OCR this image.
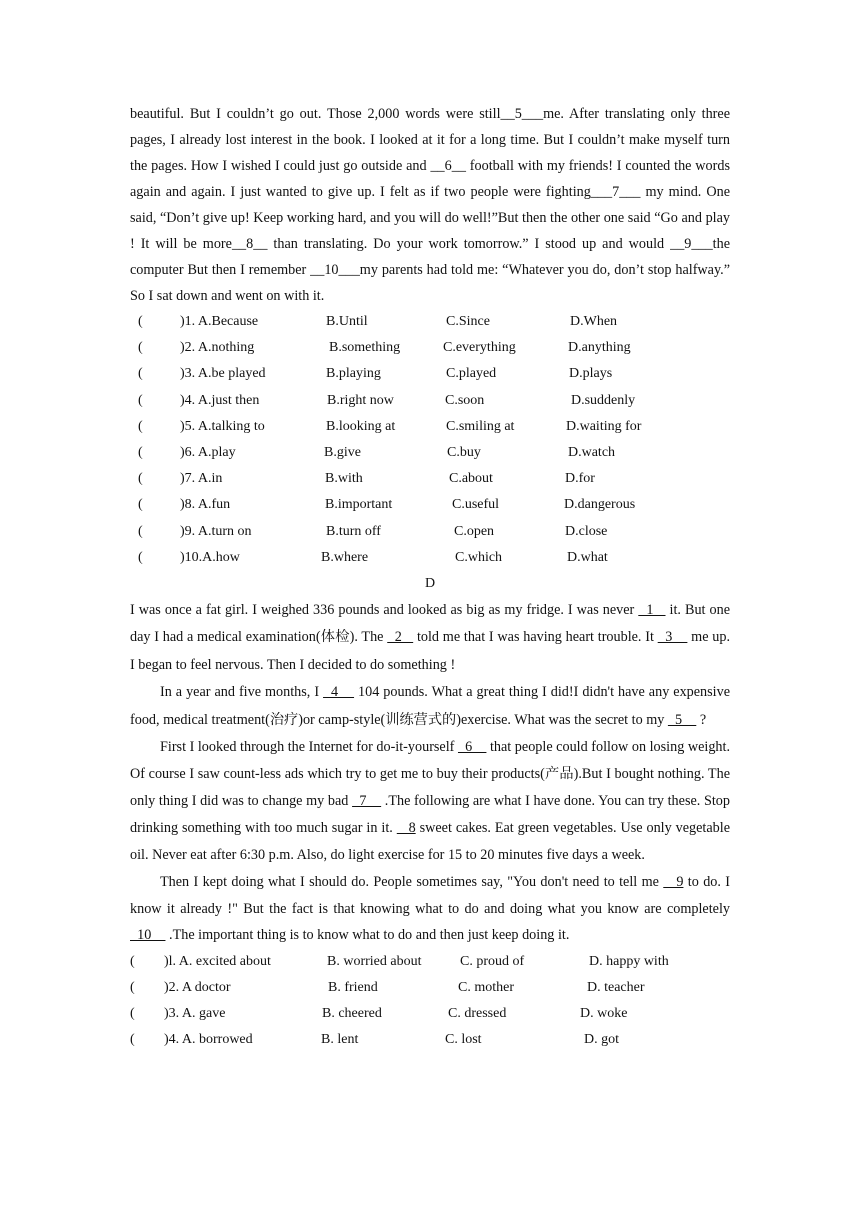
beautiful. But I couldn’t go out. Those 2,000 words were still__5___me. After translating only three pages, I already lost interest in the book. I looked at it for a long time. But I couldn’t make myself turn the pages. How I wished I could just go outside and __6__ football with my friends! I counted the words again and again. I just wanted to give up. I felt as if two people were fighting___7___ my mind. One said, “Don’t give up! Keep working hard, and you will do well!”But then the other one said “Go and play ! It will be more__8__ than translating. Do your work tomorrow.” I stood up and would __9___the computer But then I remember __10___my parents had told me: “Whatever you do, don’t stop halfway.” So I sat down and went on with it.

(	)1. A.Because	B.Until	C.Since	D.When
(	)2. A.nothing	B.something	C.everything	D.anything
(	)3. A.be played	B.playing	C.played	D.plays
(	)4. A.just then	B.right now	C.soon	D.suddenly
(	)5. A.talking to	B.looking at	C.smiling at	D.waiting for
(	)6. A.play	B.give	C.buy	D.watch
(	)7. A.in	B.with	C.about	D.for
(	)8. A.fun	B.important	C.useful	D.dangerous
(	)9. A.turn on	B.turn off	C.open	D.close
(	)10.A.how	B.where	C.which	D.what
D

I was once a fat girl. I weighed 336 pounds and looked as big as my fridge. I was never   1    it. But one day I had a medical examination(体检). The   2    told me that I was having heart trouble. It   3     me up. I began to feel nervous. Then I decided to do something !

In a year and five months, I   4     104 pounds. What a great thing I did!I didn't have any expensive food, medical treatment(治疗)or camp-style(训练营式的)exercise. What was the secret to my   5     ?

First I looked through the Internet for do-it-yourself   6     that people could follow on losing weight. Of course I saw count-less ads which try to get me to buy their products(产品).But I bought nothing. The only thing I did was to change my bad   7     .The following are what I have done. You can try these. Stop drinking something with too much sugar in it.    8 sweet cakes. Eat green vegetables. Use only vegetable oil. Never eat after 6:30 p.m. Also, do light exercise for 15 to 20 minutes five days a week.

Then I kept doing what I should do. People sometimes say, "You don't need to tell me    9 to do. I know it already !" But the fact is that knowing what to do and doing what you know are completely   10     .The important thing is to know what to do and then just keep doing it.

( )l. A. excited about	B. worried about	C. proud of	D. happy with
( )2. A doctor	B. friend	C. mother	D. teacher
( )3. A. gave	B. cheered	C. dressed	D. woke
( )4. A. borrowed	B. lent	C. lost	D. got
